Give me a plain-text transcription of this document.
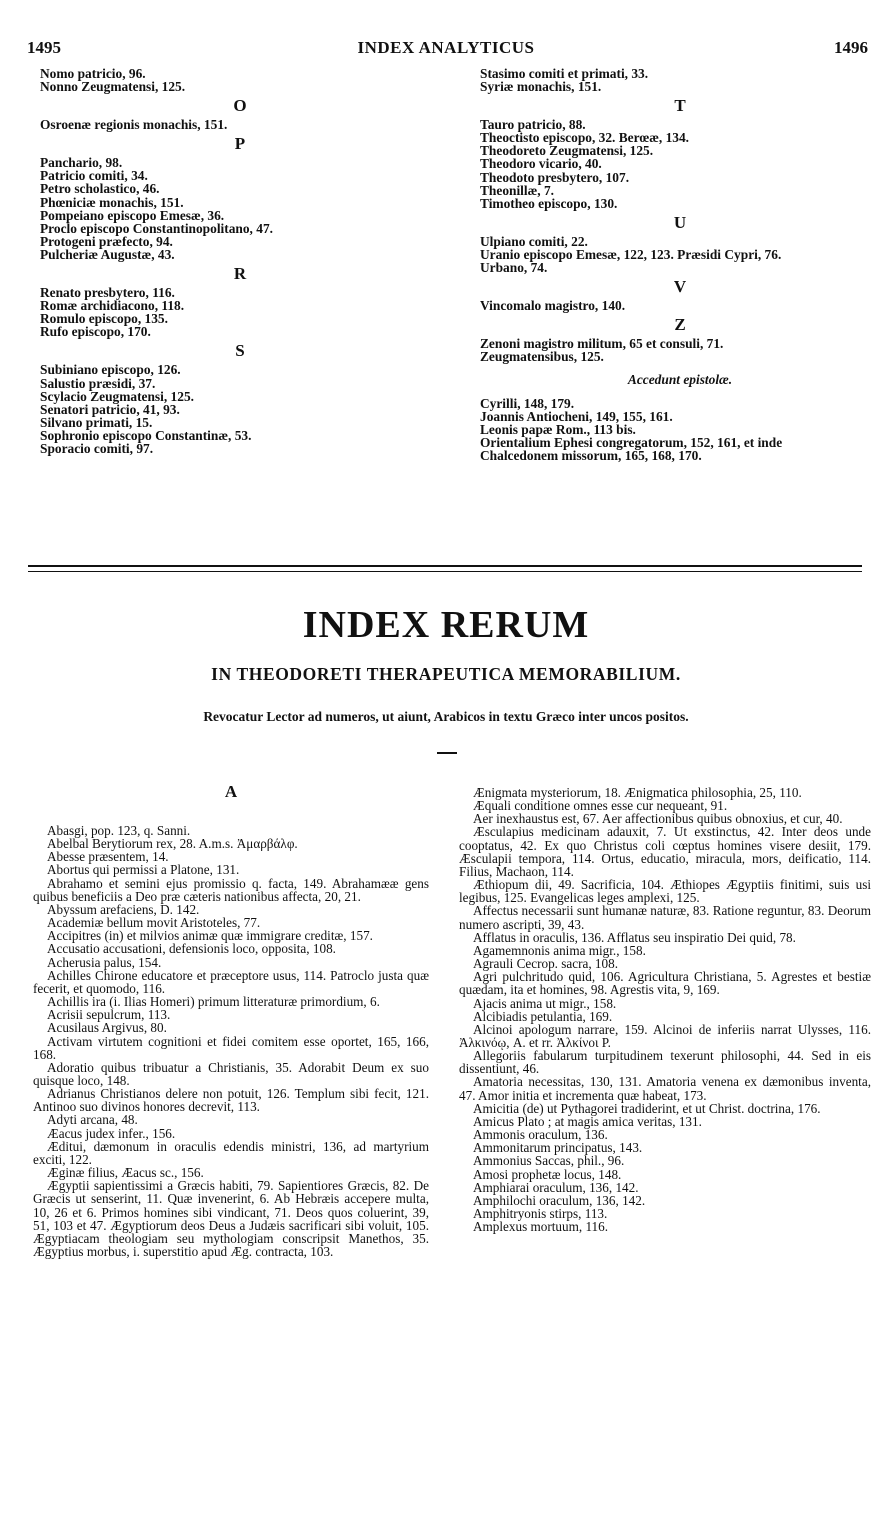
1495	INDEX ANALYTICUS	1496
Nomo patricio, 96.
Nonno Zeugmatensi, 125.
O
Osroenæ regionis monachis, 151.
P
Panchario, 98.
Patricio comiti, 34.
Petro scholastico, 46.
Phœniciæ monachis, 151.
Pompeiano episcopo Emesæ, 36.
Proclo episcopo Constantinopolitano, 47.
Protogeni præfecto, 94.
Pulcheriæ Augustæ, 43.
R
Renato presbytero, 116.
Romæ archidiacono, 118.
Romulo episcopo, 135.
Rufo episcopo, 170.
S
Subiniano episcopo, 126.
Salustio præsidi, 37.
Scylacio Zeugmatensi, 125.
Senatori patricio, 41, 93.
Silvano primati, 15.
Sophronio episcopo Constantinæ, 53.
Sporacio comiti, 97.
Stasimo comiti et primati, 33.
Syriæ monachis, 151.
T
Tauro patricio, 88.
Theoctisto episcopo, 32. Berœæ, 134.
Theodoreto Zeugmatensi, 125.
Theodoro vicario, 40.
Theodoto presbytero, 107.
Theonillæ, 7.
Timotheo episcopo, 130.
U
Ulpiano comiti, 22.
Uranio episcopo Emesæ, 122, 123. Præsidi Cypri, 76.
Urbano, 74.
V
Vincomalo magistro, 140.
Z
Zenoni magistro militum, 65 et consuli, 71.
Zeugmatensibus, 125.
Accedunt epistolæ.
Cyrilli, 148, 179.
Joannis Antiocheni, 149, 155, 161.
Leonis papæ Rom., 113 bis.
Orientalium Ephesi congregatorum, 152, 161, et inde
Chalcedonem missorum, 165, 168, 170.
INDEX RERUM
IN THEODORETI THERAPEUTICA MEMORABILIUM.
Revocatur Lector ad numeros, ut aiunt, Arabicos in textu Græco inter uncos positos.
A
Abasgi, pop. 123, q. Sanni.
Abelbal Berytiorum rex, 28. A.m.s. Ἀμαρβάλφ.
Abesse præsentem, 14.
Abortus qui permissi a Platone, 131.
Abrahamo et semini ejus promissio q. facta, 149. Abrahamææ gens quibus beneficiis a Deo præ cæteris nationibus affecta, 20, 21.
Abyssum arefaciens, D. 142.
Academiæ bellum movit Aristoteles, 77.
Accipitres (in) et milvios animæ quæ immigrare creditæ, 157.
Accusatio accusationi, defensionis loco, opposita, 108.
Acherusia palus, 154.
Achilles Chirone educatore et præceptore usus, 114. Patroclo justa quæ fecerit, et quomodo, 116.
Achillis ira (i. Ilias Homeri) primum litteraturæ primordium, 6.
Acrisii sepulcrum, 113.
Acusilaus Argivus, 80.
Activam virtutem cognitioni et fidei comitem esse oportet, 165, 166, 168.
Adoratio quibus tribuatur a Christianis, 35. Adorabit Deum ex suo quisque loco, 148.
Adrianus Christianos delere non potuit, 126. Templum sibi fecit, 121. Antinoo suo divinos honores decrevit, 113.
Adyti arcana, 48.
Æacus judex infer., 156.
Æditui, dæmonum in oraculis edendis ministri, 136, ad martyrium exciti, 122.
Æginæ filius, Æacus sc., 156.
Ægyptii sapientissimi a Græcis habiti, 79. Sapientiores Græcis, 82. De Græcis ut senserint, 11. Quæ invenerint, 6. Ab Hebræis accepere multa, 10, 26 et 6. Primos homines sibi vindicant, 71. Deos quos coluerint, 39, 51, 103 et 47. Ægyptiorum deos Deus a Judæis sacrificari sibi voluit, 105. Ægyptiacam theologiam seu mythologiam conscripsit Manethos, 35. Ægyptius morbus, i. superstitio apud Æg. contracta, 103.
Ænigmata mysteriorum, 18. Ænigmatica philosophia, 25, 110.
Æquali conditione omnes esse cur nequeant, 91.
Aer inexhaustus est, 67. Aer affectionibus quibus obnoxius, et cur, 40.
Æsculapius medicinam adauxit, 7. Ut exstinctus, 42. Inter deos unde cooptatus, 42. Ex quo Christus coli cœptus homines visere desiit, 179. Æsculapii tempora, 114. Ortus, educatio, miracula, mors, deificatio, 114. Filius, Machaon, 114.
Æthiopum dii, 49. Sacrificia, 104. Æthiopes Ægyptiis finitimi, suis usi legibus, 125. Evangelicas leges amplexi, 125.
Affectus necessarii sunt humanæ naturæ, 83. Ratione reguntur, 83. Deorum numero ascripti, 39, 43.
Afflatus in oraculis, 136. Afflatus seu inspiratio Dei quid, 78.
Agamemnonis anima migr., 158.
Agrauli Cecrop. sacra, 108.
Agri pulchritudo quid, 106. Agricultura Christiana, 5. Agrestes et bestiæ quædam, ita et homines, 98. Agrestis vita, 9, 169.
Ajacis anima ut migr., 158.
Alcibiadis petulantia, 169.
Alcinoi apologum narrare, 159. Alcinoi de inferiis narrat Ulysses, 116. Ἀλκινόῳ, A. et rr. Ἀλκίνοι P.
Allegoriis fabularum turpitudinem texerunt philosophi, 44. Sed in eis dissentiunt, 46.
Amatoria necessitas, 130, 131. Amatoria venena ex dæmonibus inventa, 47. Amor initia et incrementa quæ habeat, 173.
Amicitia (de) ut Pythagorei tradiderint, et ut Christ. doctrina, 176.
Amicus Plato ; at magis amica veritas, 131.
Ammonis oraculum, 136.
Ammonitarum principatus, 143.
Ammonius Saccas, phil., 96.
Amosi prophetæ locus, 148.
Amphiarai oraculum, 136, 142.
Amphilochi oraculum, 136, 142.
Amphitryonis stirps, 113.
Amplexus mortuum, 116.
